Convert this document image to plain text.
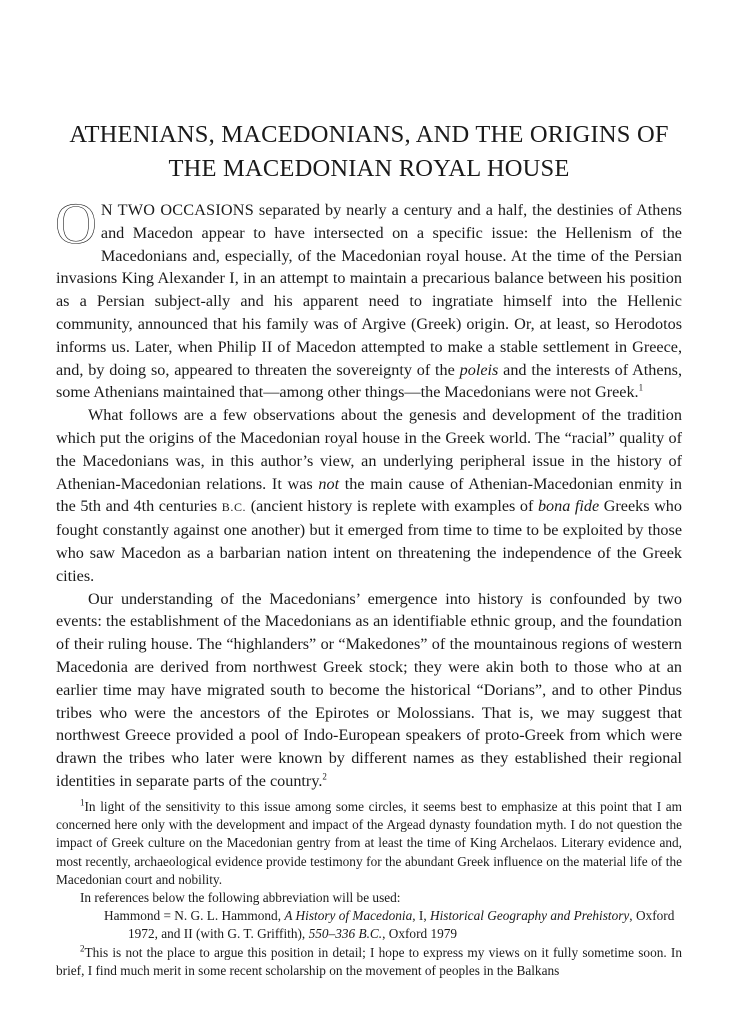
ATHENIANS, MACEDONIANS, AND THE ORIGINS OF
THE MACEDONIAN ROYAL HOUSE

O N TWO OCCASIONS separated by nearly a century and a half, the destinies of Athens and Macedon appear to have intersected on a specific issue: the Hellenism of the Macedonians and, especially, of the Macedonian royal house. At the time of the Persian invasions King Alexander I, in an attempt to maintain a precarious balance between his position as a Persian subject-ally and his apparent need to ingratiate himself into the Hellenic community, announced that his family was of Argive (Greek) origin. Or, at least, so Herodotos informs us. Later, when Philip II of Macedon attempted to make a stable settlement in Greece, and, by doing so, appeared to threaten the sovereignty of the poleis and the interests of Athens, some Athenians maintained that—among other things—the Macedonians were not Greek.$^1$

What follows are a few observations about the genesis and development of the tradition which put the origins of the Macedonian royal house in the Greek world. The “racial” quality of the Macedonians was, in this author’s view, an underlying peripheral issue in the history of Athenian-Macedonian relations. It was not the main cause of Athenian-Macedonian enmity in the 5th and 4th centuries B.C. (ancient history is replete with examples of bona fide Greeks who fought constantly against one another) but it emerged from time to time to be exploited by those who saw Macedon as a barbarian nation intent on threatening the independence of the Greek cities.

Our understanding of the Macedonians’ emergence into history is confounded by two events: the establishment of the Macedonians as an identifiable ethnic group, and the foundation of their ruling house. The “highlanders” or “Makedones” of the mountainous regions of western Macedonia are derived from northwest Greek stock; they were akin both to those who at an earlier time may have migrated south to become the historical “Dorians”, and to other Pindus tribes who were the ancestors of the Epirotes or Molossians. That is, we may suggest that northwest Greece provided a pool of Indo-European speakers of proto-Greek from which were drawn the tribes who later were known by different names as they established their regional identities in separate parts of the country.$^2$

$^1$In light of the sensitivity to this issue among some circles, it seems best to emphasize at this point that I am concerned here only with the development and impact of the Argead dynasty foundation myth. I do not question the impact of Greek culture on the Macedonian gentry from at least the time of King Archelaos. Literary evidence and, most recently, archaeological evidence provide testimony for the abundant Greek influence on the material life of the Macedonian court and nobility.

In references below the following abbreviation will be used:

Hammond = N. G. L. Hammond, A History of Macedonia, I, Historical Geography and Prehistory, Oxford
1972, and II (with G. T. Griffith), 550–336 B.C., Oxford 1979

$^2$This is not the place to argue this position in detail; I hope to express my views on it fully sometime soon. In brief, I find much merit in some recent scholarship on the movement of peoples in the Balkans
